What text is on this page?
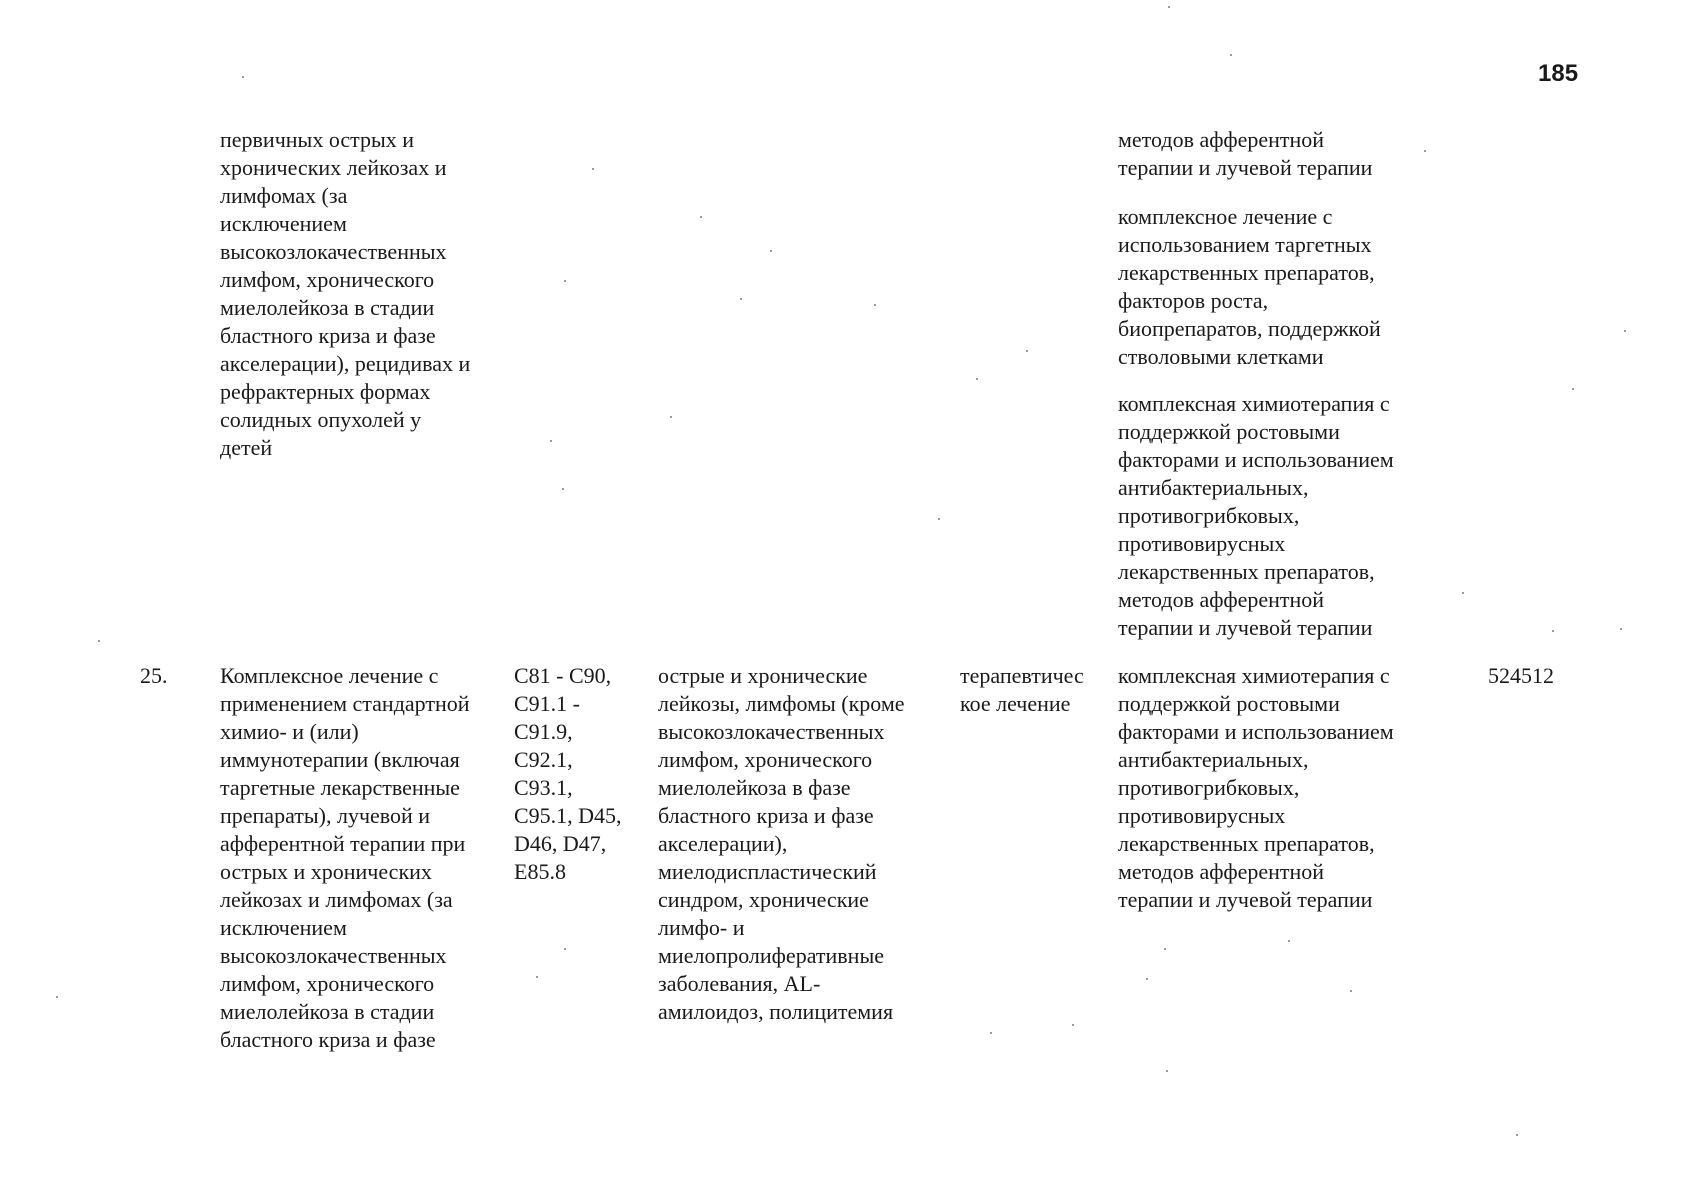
185
первичных острых и
хронических лейкозах и
лимфомах (за
исключением
высокозлокачественных
лимфом, хронического
миелолейкоза в стадии
бластного криза и фазе
акселерации), рецидивах и
рефрактерных формах
солидных опухолей у
детей
методов афферентной
терапии и лучевой терапии
комплексное лечение с
использованием таргетных
лекарственных препаратов,
факторов роста,
биопрепаратов, поддержкой
стволовыми клетками
комплексная химиотерапия с
поддержкой ростовыми
факторами и использованием
антибактериальных,
противогрибковых,
противовирусных
лекарственных препаратов,
методов афферентной
терапии и лучевой терапии
25. Комплексное лечение с
применением стандартной
химио- и (или)
иммунотерапии (включая
таргетные лекарственные
препараты), лучевой и
афферентной терапии при
острых и хронических
лейкозах и лимфомах (за
исключением
высокозлокачественных
лимфом, хронического
миелолейкоза в стадии
бластного криза и фазе
C81 - C90,
C91.1 -
C91.9,
C92.1,
C93.1,
C95.1, D45,
D46, D47,
E85.8
острые и хронические
лейкозы, лимфомы (кроме
высокозлокачественных
лимфом, хронического
миелолейкоза в фазе
бластного криза и фазе
акселерации),
миелодиспластический
синдром, хронические
лимфо- и
миелопролиферативные
заболевания, AL-
амилоидоз, полицитемия
терапевтичес
кое лечение
комплексная химиотерапия с
поддержкой ростовыми
факторами и использованием
антибактериальных,
противогрибковых,
противовирусных
лекарственных препаратов,
методов афферентной
терапии и лучевой терапии
524512
